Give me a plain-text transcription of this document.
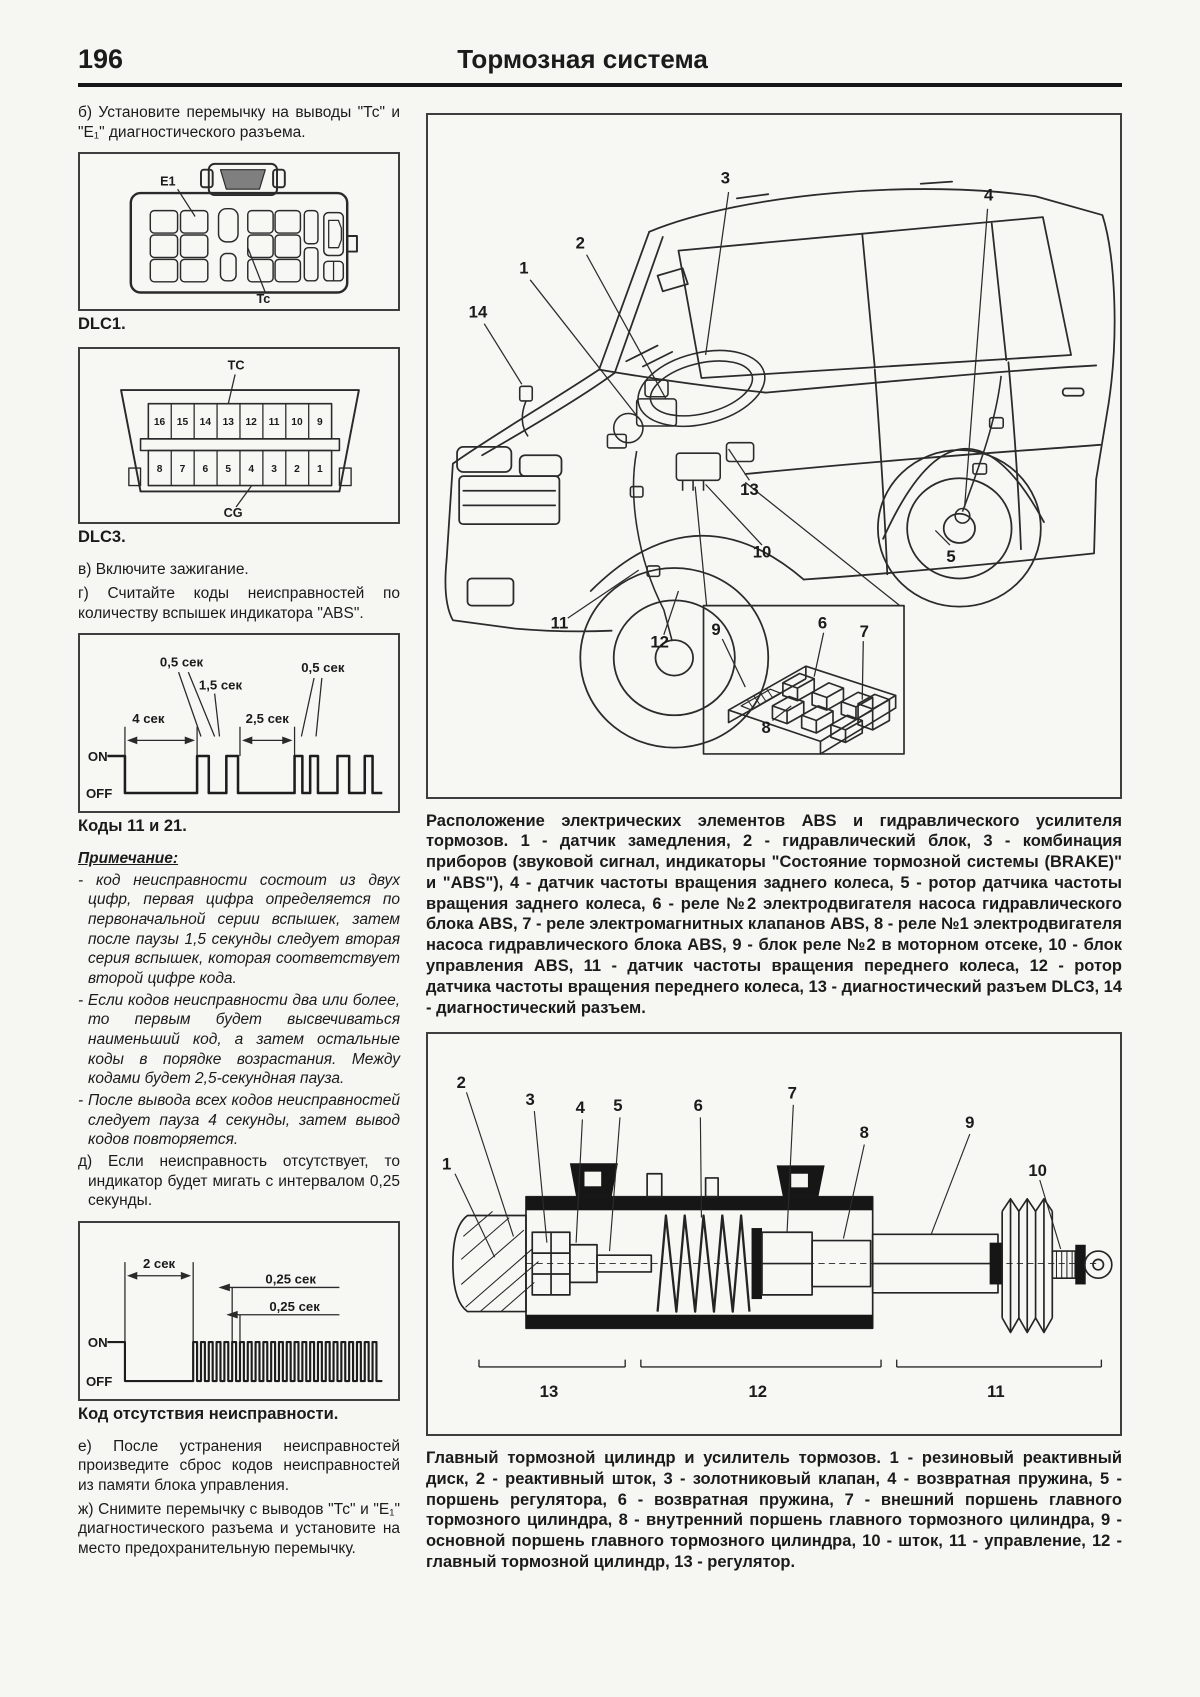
196	Тормозная система

б) Установите перемычку на выводы "Тс" и "Е₁" диагностического разъема.

E1
Tc
DLC1.
TC
CG
16 15 14 13 12 11 10 9
8 7 6 5 4 3 2 1
DLC3.

в) Включите зажигание.

г) Считайте коды неисправностей по количеству вспышек индикатора "ABS".

0,5 сек
1,5 сек
0,5 сек
4 сек	2,5 сек
ON
OFF
Коды 11 и 21.
Примечание:

- код неисправности состоит из двух цифр, первая цифра определяется по первоначальной серии вспышек, затем после паузы 1,5 секунды следует вторая серия вспышек, которая соответствует второй цифре кода.

- Если кодов неисправности два или более, то первым будет высвечиваться наименьший код, а затем остальные коды в порядке возрастания. Между кодами будет 2,5-секундная пауза.

- После вывода всех кодов неисправностей следует пауза 4 секунды, затем вывод кодов повторяется.

д) Если неисправность отсутствует, то индикатор будет мигать с интервалом 0,25 секунды.

2 сек
0,25 сек
0,25 сек
ON
OFF
Код отсутствия неисправности.

е) После устранения неисправностей произведите сброс кодов неисправностей из памяти блока управления.

ж) Снимите перемычку с выводов "Тс" и "Е₁" диагностического разъема и установите на место предохранительную перемычку.

1
2
3
4
5
6 7
8
9
10
11
12
13
14
Расположение электрических элементов ABS и гидравлического усилителя тормозов. 1 - датчик замедления, 2 - гидравлический блок, 3 - комбинация приборов (звуковой сигнал, индикаторы "Состояние тормозной системы (BRAKE)" и "ABS"), 4 - датчик частоты вращения заднего колеса, 5 - ротор датчика частоты вращения заднего колеса, 6 - реле №2 электродвигателя насоса гидравлического блока ABS, 7 - реле электромагнитных клапанов ABS, 8 - реле №1 электродвигателя насоса гидравлического блока ABS, 9 - блок реле №2 в моторном отсеке, 10 - блок управления ABS, 11 - датчик частоты вращения переднего колеса, 12 - ротор датчика частоты вращения переднего колеса, 13 - диагностический разъем DLC3, 14 - диагностический разъем.
1
2
3	4 5	6
7
8
9
10
13	12	11
Главный тормозной цилиндр и усилитель тормозов. 1 - резиновый реактивный диск, 2 - реактивный шток, 3 - золотниковый клапан, 4 - возвратная пружина, 5 - поршень регулятора, 6 - возвратная пружина, 7 - внешний поршень главного тормозного цилиндра, 8 - внутренний поршень главного тормозного цилиндра, 9 - основной поршень главного тормозного цилиндра, 10 - шток, 11 - управление, 12 - главный тормозной цилиндр, 13 - регулятор.
